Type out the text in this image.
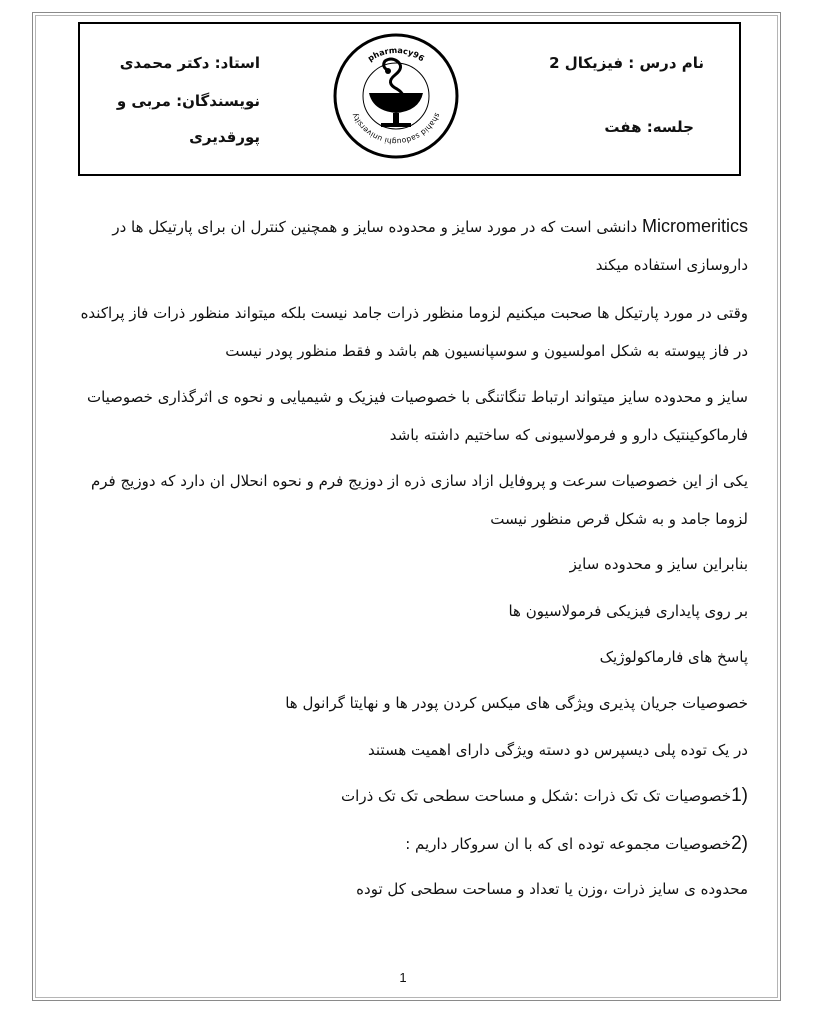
نام درس : فیزیکال 2
جلسه: هفت
استاد: دکتر محمدی
نویسندگان: مربی و
پورقدیری
pharmacy96
shahid sadoughi university

Micromeritics دانشی است که در مورد سایز و محدوده سایز و همچنین کنترل ان برای پارتیکل ها در داروسازی استفاده میکند

وقتی در مورد پارتیکل ها صحبت میکنیم لزوما منظور ذرات جامد نیست بلکه میتواند منظور ذرات فاز پراکنده در فاز پیوسته به شکل امولسیون و سوسپانسیون هم باشد و فقط منظور پودر نیست

سایز و محدوده سایز میتواند ارتباط تنگاتنگی با خصوصیات فیزیک و شیمیایی و نحوه ی اثرگذاری خصوصیات فارماکوکینتیک دارو و فرمولاسیونی که ساختیم داشته باشد

یکی از این خصوصیات سرعت و پروفایل ازاد سازی ذره از دوزیج فرم و نحوه انحلال ان دارد که دوزیج فرم لزوما جامد و به شکل قرص منظور نیست

بنابراین سایز و محدوده سایز

بر روی پایداری فیزیکی فرمولاسیون ها

پاسخ های فارماکولوژیک

خصوصیات جریان پذیری ویژگی های میکس کردن پودر ها و نهایتا گرانول ها

در یک توده پلی دیسپرس دو دسته ویژگی دارای اهمیت هستند

1)خصوصیات تک تک ذرات :شکل و مساحت سطحی تک تک ذرات

2)خصوصیات مجموعه توده ای که با ان سروکار داریم :

محدوده ی سایز ذرات ،وزن یا تعداد و مساحت سطحی کل توده

1
